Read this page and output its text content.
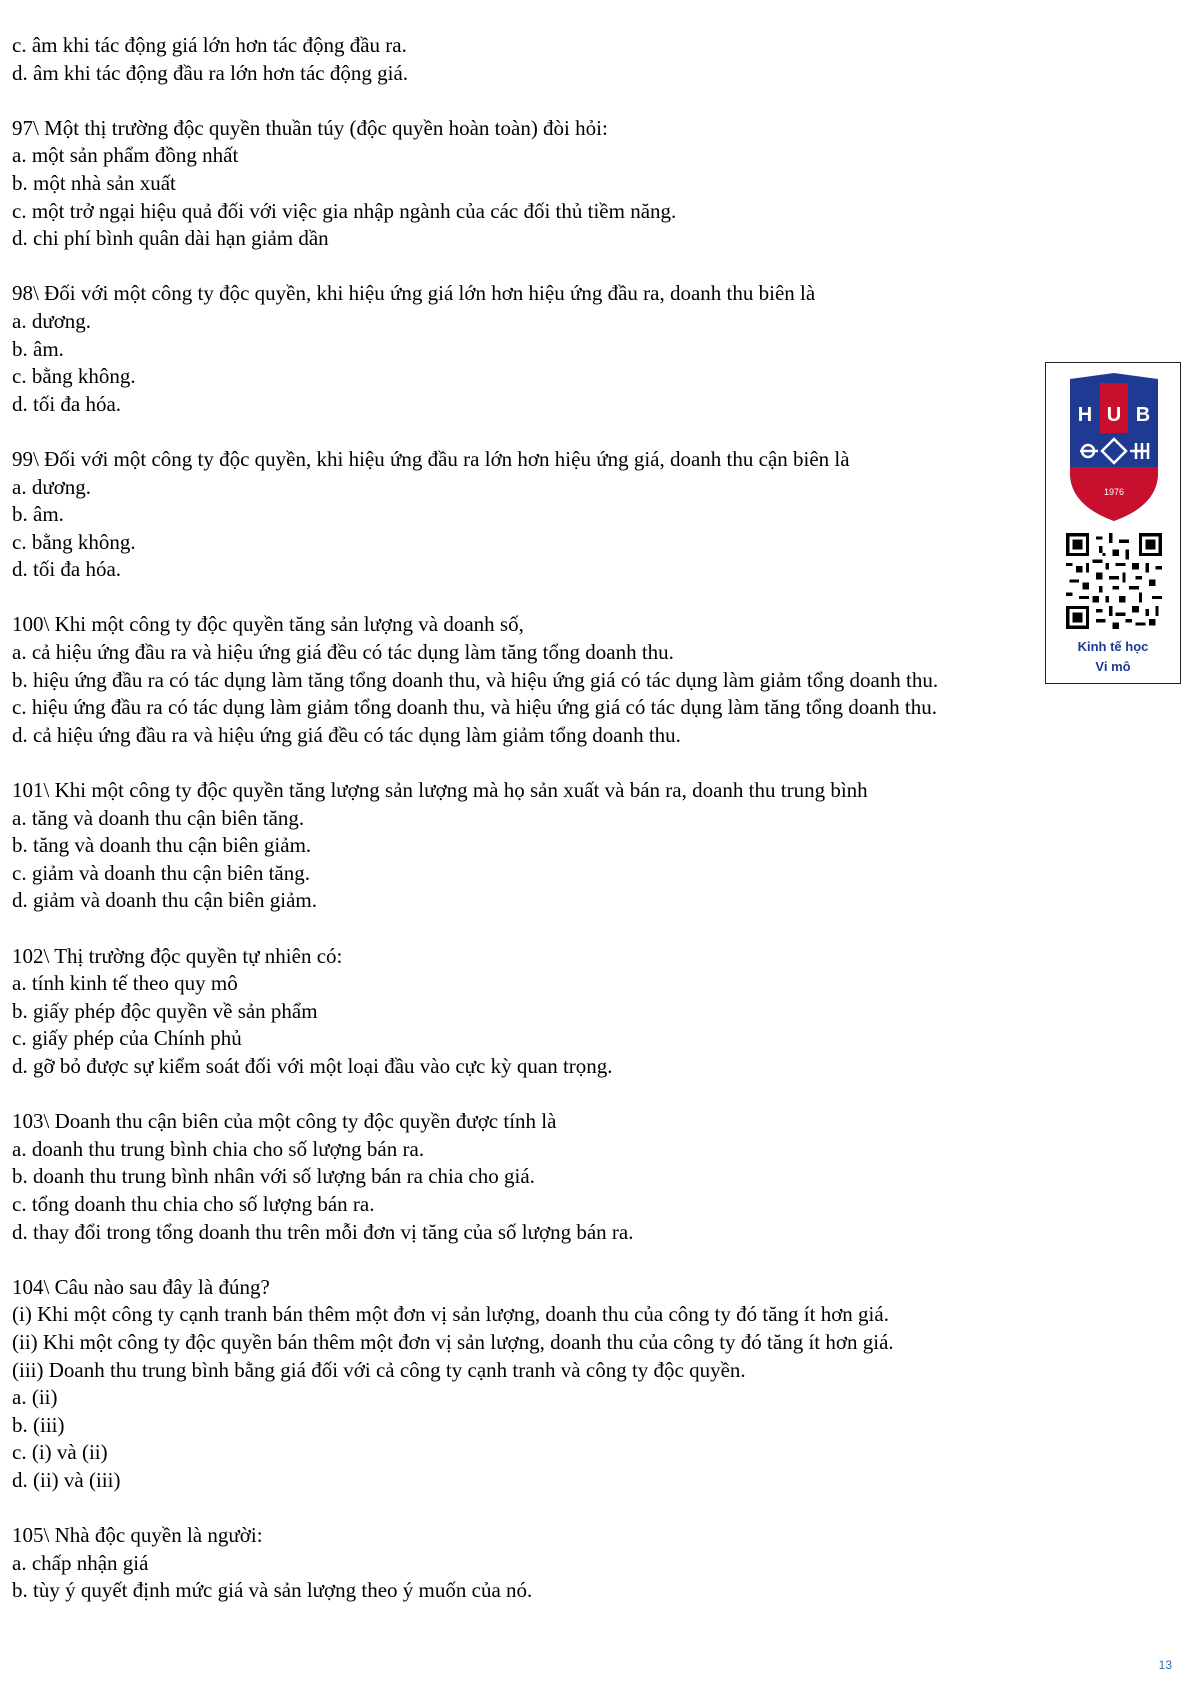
c. âm khi tác động giá lớn hơn tác động đầu ra.
d. âm khi tác động đầu ra lớn hơn tác động giá.
97\ Một thị trường độc quyền thuần túy (độc quyền hoàn toàn) đòi hỏi:
a. một sản phẩm đồng nhất
b. một nhà sản xuất
c. một trở ngại hiệu quả đối với việc gia nhập ngành của các đối thủ tiềm năng.
d. chi phí bình quân dài hạn giảm dần
98\ Đối với một công ty độc quyền, khi hiệu ứng giá lớn hơn hiệu ứng đầu ra, doanh thu biên là
a. dương.
b. âm.
c. bằng không.
d. tối đa hóa.
99\ Đối với một công ty độc quyền, khi hiệu ứng đầu ra lớn hơn hiệu ứng giá, doanh thu cận biên là
a. dương.
b. âm.
c. bằng không.
d. tối đa hóa.
100\ Khi một công ty độc quyền tăng sản lượng và doanh số,
a. cả hiệu ứng đầu ra và hiệu ứng giá đều có tác dụng làm tăng tổng doanh thu.
b. hiệu ứng đầu ra có tác dụng làm tăng tổng doanh thu, và hiệu ứng giá có tác dụng làm giảm tổng doanh thu.
c. hiệu ứng đầu ra có tác dụng làm giảm tổng doanh thu, và hiệu ứng giá có tác dụng làm tăng tổng doanh thu.
d. cả hiệu ứng đầu ra và hiệu ứng giá đều có tác dụng làm giảm tổng doanh thu.
101\ Khi một công ty độc quyền tăng lượng sản lượng mà họ sản xuất và bán ra, doanh thu trung bình
a. tăng và doanh thu cận biên tăng.
b. tăng và doanh thu cận biên giảm.
c. giảm và doanh thu cận biên tăng.
d. giảm và doanh thu cận biên giảm.
102\ Thị trường độc quyền tự nhiên có:
a. tính kinh tế theo quy mô
b. giấy phép độc quyền về sản phẩm
c. giấy phép của Chính phủ
d. gỡ bỏ được sự kiểm soát đối với một loại đầu vào cực kỳ quan trọng.
103\ Doanh thu cận biên của một công ty độc quyền được tính là
a. doanh thu trung bình chia cho số lượng bán ra.
b. doanh thu trung bình nhân với số lượng bán ra chia cho giá.
c. tổng doanh thu chia cho số lượng bán ra.
d. thay đổi trong tổng doanh thu trên mỗi đơn vị tăng của số lượng bán ra.
104\ Câu nào sau đây là đúng?
(i) Khi một công ty cạnh tranh bán thêm một đơn vị sản lượng, doanh thu của công ty đó tăng ít hơn giá.
(ii) Khi một công ty độc quyền bán thêm một đơn vị sản lượng, doanh thu của công ty đó tăng ít hơn giá.
(iii) Doanh thu trung bình bằng giá đối với cả công ty cạnh tranh và công ty độc quyền.
a. (ii)
b. (iii)
c. (i) và (ii)
d. (ii) và (iii)
105\ Nhà độc quyền là người:
a. chấp nhận giá
b. tùy ý quyết định mức giá và sản lượng theo ý muốn của nó.
H U B
1976
Kinh tế học
Vi mô
13
